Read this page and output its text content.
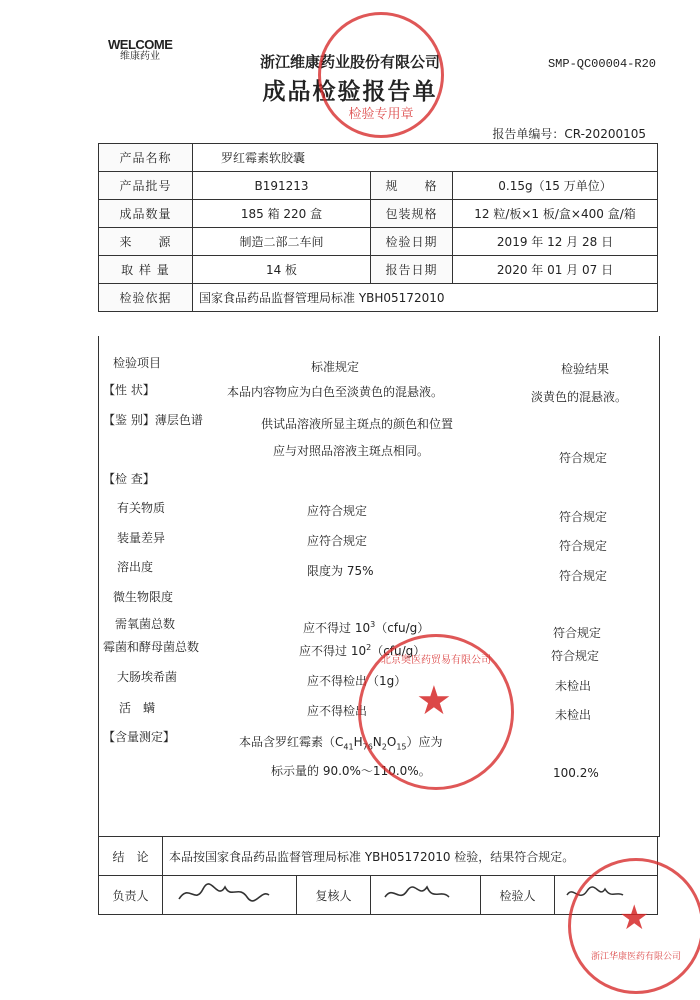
WELCOME
维康药业	浙江维康药业股份有限公司
成品检验报告单
SMP-QC00004-R20
报告单编号：CR-20200105
产品名称	罗红霉素软胶囊		
产品批号	B191213	规　　格	0.15g（15 万单位）
成品数量	185 箱 220 盒	包装规格	12 粒/板×1 板/盒×400 盒/箱
来　　源	制造二部二车间	检验日期	2019 年 12 月 28 日
取 样 量	14 板	报告日期	2020 年 01 月 07 日
检验依据	国家食品药品监督管理局标准 YBH05172010		
检验项目	标准规定	检验结果
【性 状】	本品内容物应为白色至淡黄色的混悬液。	淡黄色的混悬液。
【鉴 别】薄层色谱	供试品溶液所显主斑点的颜色和位置
应与对照品溶液主斑点相同。	符合规定
【检 查】
有关物质	应符合规定	符合规定
装量差异	应符合规定	符合规定
溶出度	限度为 75%	符合规定
微生物限度
需氧菌总数	应不得过 $10^3(cfu/g)$	符合规定
霉菌和酵母菌总数	应不得过 $10^2(cfu/g)$	符合规定
大肠埃希菌	应不得检出（1g）	未检出
活　螨	应不得检出	未检出
【含量测定】	本品含罗红霉素$(C_{41}H_{76}N_2O_{15})$应为
标示量的 90.0%～110.0%。	100.2%
结　论	本品按国家食品药品监督管理局标准 YBH05172010 检验，结果符合规定。				
负责人		复核人		检验人	
检验专用章
★
北京奥医药贸易有限公司
★
浙江华康医药有限公司
